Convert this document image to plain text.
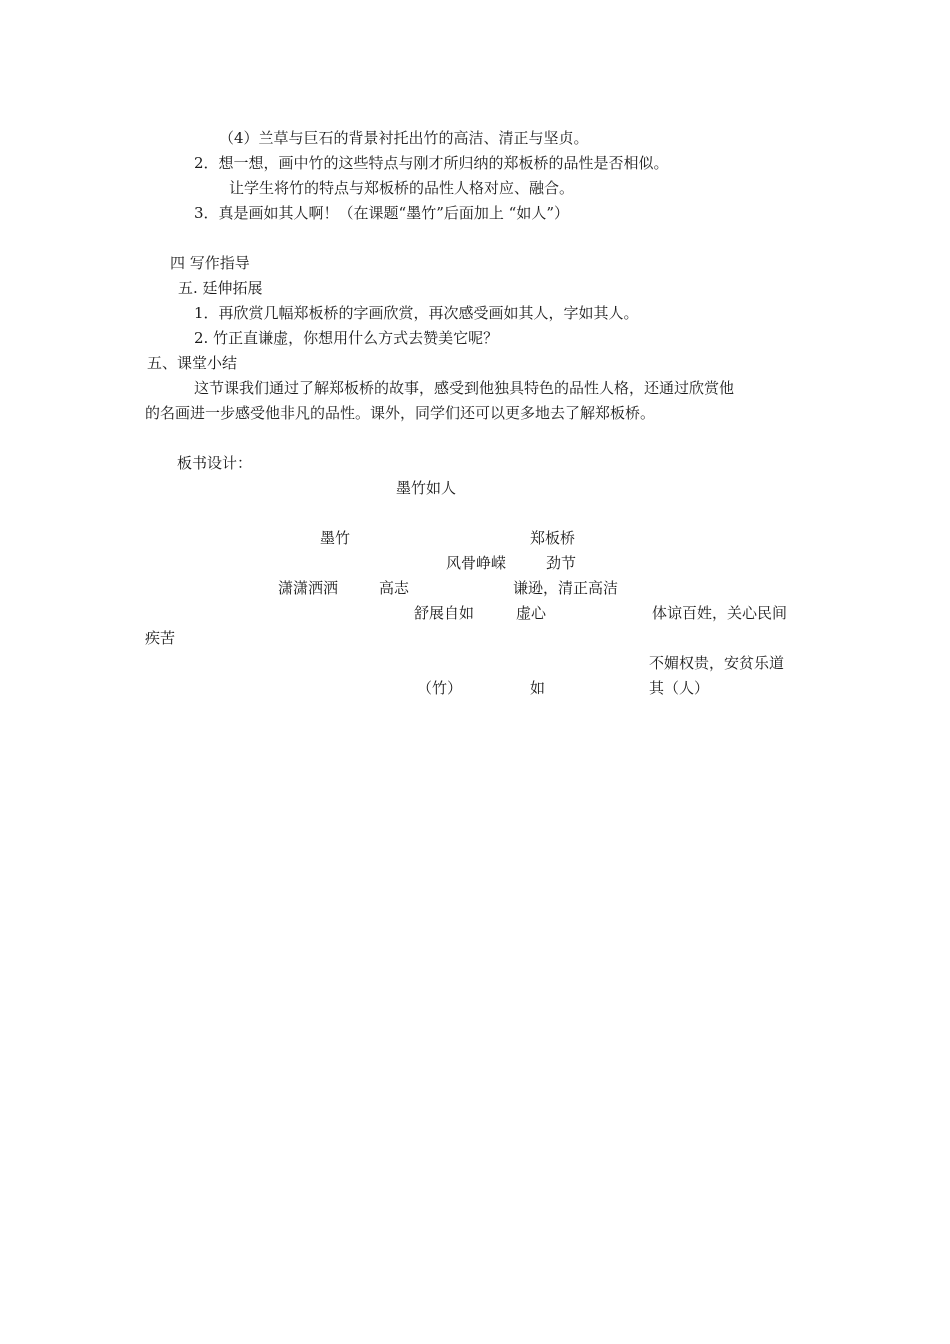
（4）兰草与巨石的背景衬托出竹的高洁、清正与坚贞。
2．想一想，画中竹的这些特点与刚才所归纳的郑板桥的品性是否相似。
让学生将竹的特点与郑板桥的品性人格对应、融合。
3．真是画如其人啊！（在课题“墨竹”后面加上 “如人”）
四 写作指导
五. 廷伸拓展
1．再欣赏几幅郑板桥的字画欣赏，再次感受画如其人，字如其人。
2. 竹正直谦虚，你想用什么方式去赞美它呢？
五、课堂小结
这节课我们通过了解郑板桥的故事，感受到他独具特色的品性人格，还通过欣赏他
的名画进一步感受他非凡的品性。课外，同学们还可以更多地去了解郑板桥。
板书设计：
墨竹如人
墨竹	郑板桥
风骨峥嵘	劲节
潇潇洒洒	高志	谦逊，清正高洁
舒展自如	虚心	体谅百姓，关心民间
疾苦
不媚权贵，安贫乐道
（竹）	如	其（人）
